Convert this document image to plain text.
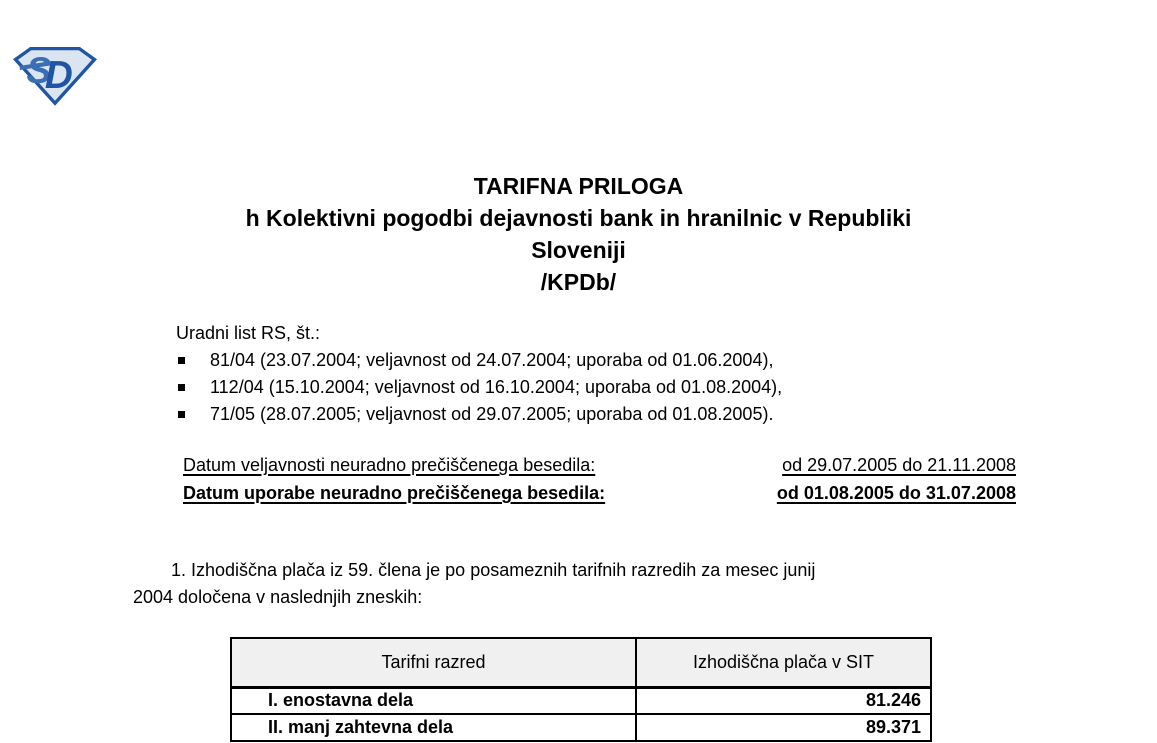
S
D
TARIFNA PRILOGA
h Kolektivni pogodbi dejavnosti bank in hranilnic v Republiki
Sloveniji
/KPDb/
Uradni list RS, št.:
81/04 (23.07.2004; veljavnost od 24.07.2004; uporaba od 01.06.2004),
112/04 (15.10.2004; veljavnost od 16.10.2004; uporaba od 01.08.2004),
71/05 (28.07.2005; veljavnost od 29.07.2005; uporaba od 01.08.2005).
Datum veljavnosti neuradno prečiščenega besedila:	od 29.07.2005 do 21.11.2008
Datum uporabe neuradno prečiščenega besedila:	od 01.08.2005 do 31.07.2008
1. Izhodiščna plača iz 59. člena je po posameznih tarifnih razredih za mesec junij
2004 določena v naslednjih zneskih:
Tarifni razred	Izhodiščna plača v SIT
I. enostavna dela	81.246
II. manj zahtevna dela	89.371
